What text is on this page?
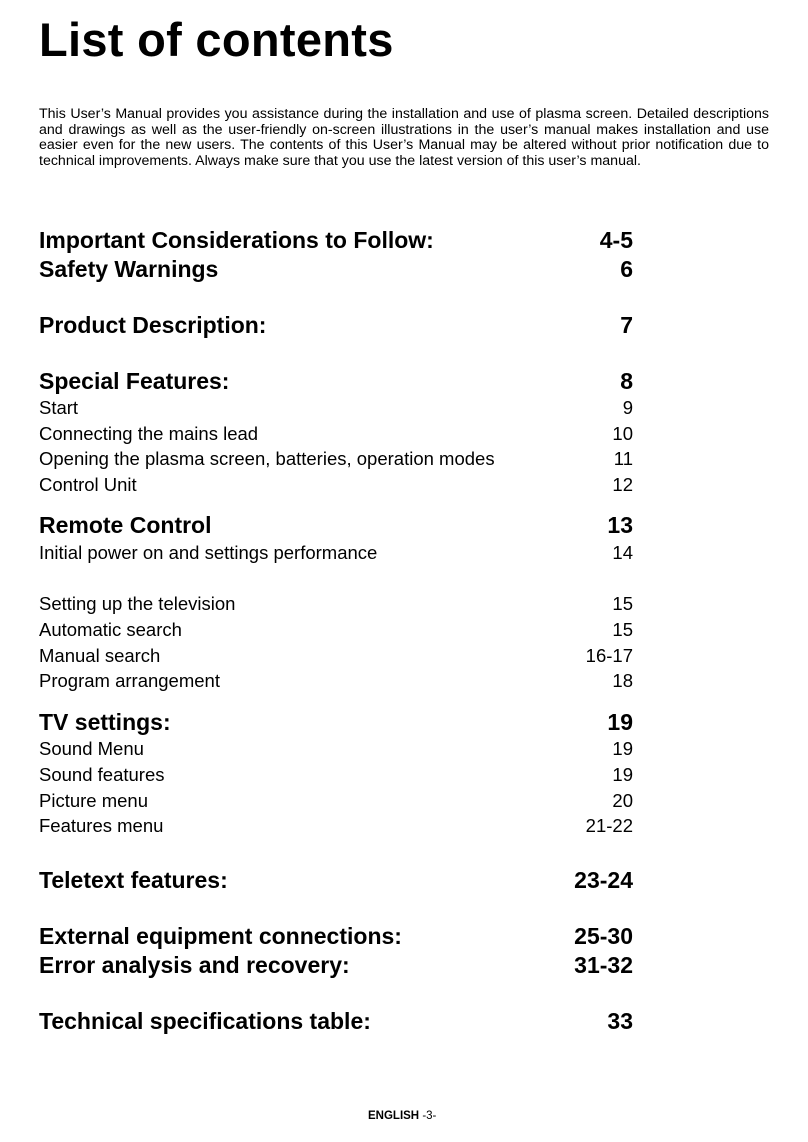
List of contents

This User’s Manual provides you assistance during the installation and use of plasma screen. Detailed descriptions and drawings as well as the user-friendly on-screen illustrations in the user’s manual makes installation and use easier even for the new users. The contents of this User’s Manual may be altered without prior notification due to technical improvements. Always make sure that you use the latest version of this user’s manual.

Important Considerations to Follow:	4-5
Safety Warnings	6
Product Description:	7
Special Features:	8
Start	9
Connecting the mains lead	10
Opening the plasma screen, batteries, operation modes	11
Control Unit	12
Remote Control	13
Initial power on and settings performance	14
Setting up the television	15
Automatic search	15
Manual search	16-17
Program arrangement	18
TV settings:	19
Sound Menu	19
Sound features	19
Picture menu	20
Features menu	21-22
Teletext features:	23-24
External equipment connections:	25-30
Error analysis and recovery:	31-32
Technical specifications table:	33
ENGLISH -3-
